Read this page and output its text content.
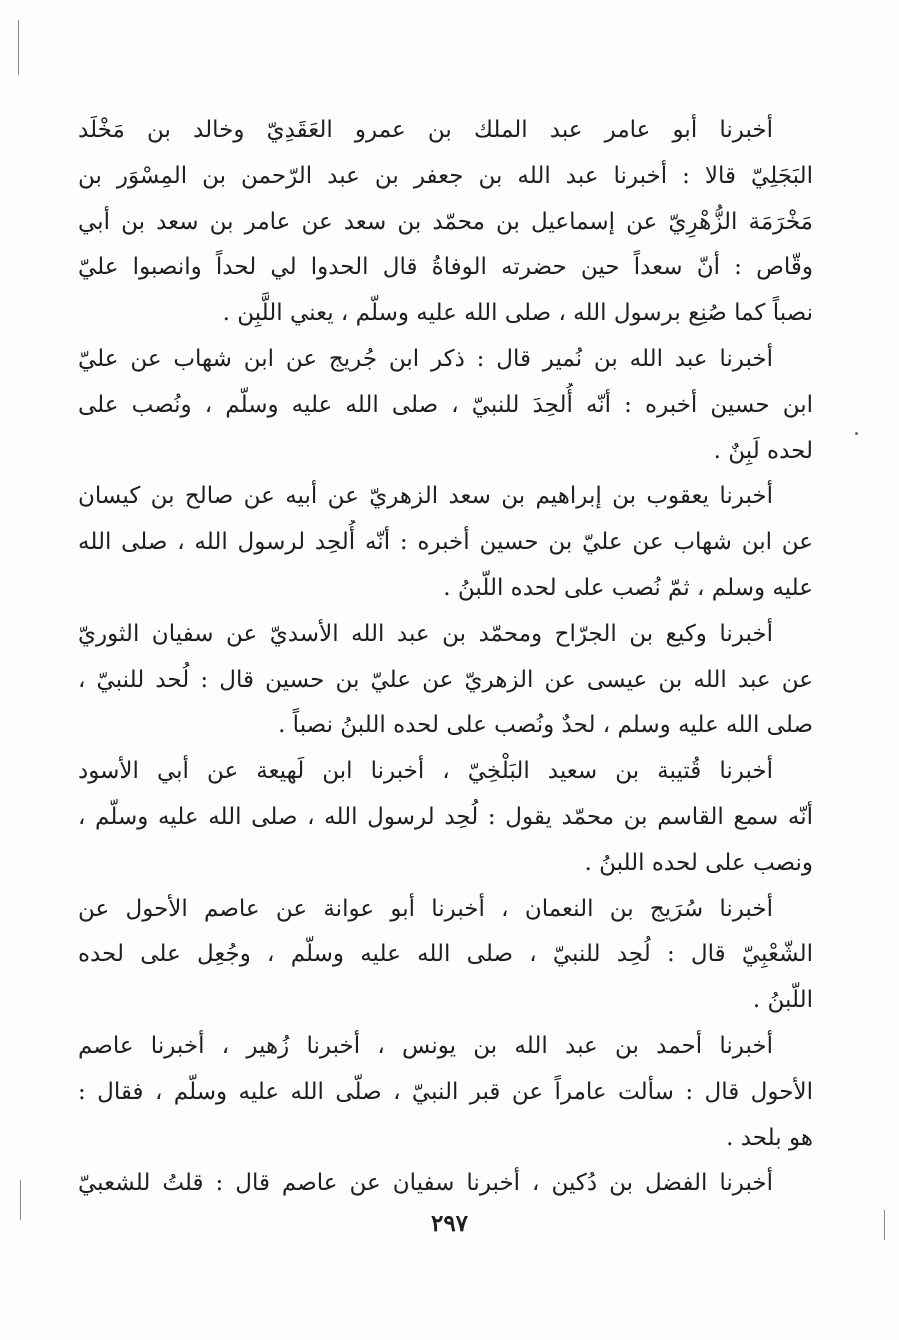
أخبرنا أبو عامر عبد الملك بن عمرو العَقَدِيّ وخالد بن مَخْلَد
البَجَلِيّ قالا : أخبرنا عبد الله بن جعفر بن عبد الرّحمن بن المِسْوَر بن
مَخْرَمَة الزُّهْرِيّ عن إسماعيل بن محمّد بن سعد عن عامر بن سعد بن أبي
وقّاص : أنّ سعداً حين حضرته الوفاةُ قال الحدوا لي لحداً وانصبوا عليّ
نصباً كما صُنِع برسول الله ، صلى الله عليه وسلّم ، يعني اللَّبِن .
أخبرنا عبد الله بن نُمير قال : ذكر ابن جُريج عن ابن شهاب عن عليّ
ابن حسين أخبره : أنّه أُلحِدَ للنبيّ ، صلى الله عليه وسلّم ، ونُصب على
لحده لَبِنٌ .
أخبرنا يعقوب بن إبراهيم بن سعد الزهريّ عن أبيه عن صالح بن كيسان
عن ابن شهاب عن عليّ بن حسين أخبره : أنّه أُلحِد لرسول الله ، صلى الله
عليه وسلم ، ثمّ نُصب على لحده اللّبنُ .
أخبرنا وكيع بن الجرّاح ومحمّد بن عبد الله الأسديّ عن سفيان الثوريّ
عن عبد الله بن عيسى عن الزهريّ عن عليّ بن حسين قال : لُحد للنبيّ ،
صلى الله عليه وسلم ، لحدٌ ونُصب على لحده اللبنُ نصباً .
أخبرنا قُتيبة بن سعيد البَلْخِيّ ، أخبرنا ابن لَهيعة عن أبي الأسود
أنّه سمع القاسم بن محمّد يقول : لُحِد لرسول الله ، صلى الله عليه وسلّم ،
ونصب على لحده اللبنُ .
أخبرنا سُرَيج بن النعمان ، أخبرنا أبو عوانة عن عاصم الأحول عن
الشّعْبِيّ قال : لُحِد للنبيّ ، صلى الله عليه وسلّم ، وجُعِل على لحده
اللّبنُ .
أخبرنا أحمد بن عبد الله بن يونس ، أخبرنا زُهير ، أخبرنا عاصم
الأحول قال : سألت عامراً عن قبر النبيّ ، صلّى الله عليه وسلّم ، فقال :
هو بلحد .
أخبرنا الفضل بن دُكين ، أخبرنا سفيان عن عاصم قال : قلتُ للشعبيّ
٢٩٧
